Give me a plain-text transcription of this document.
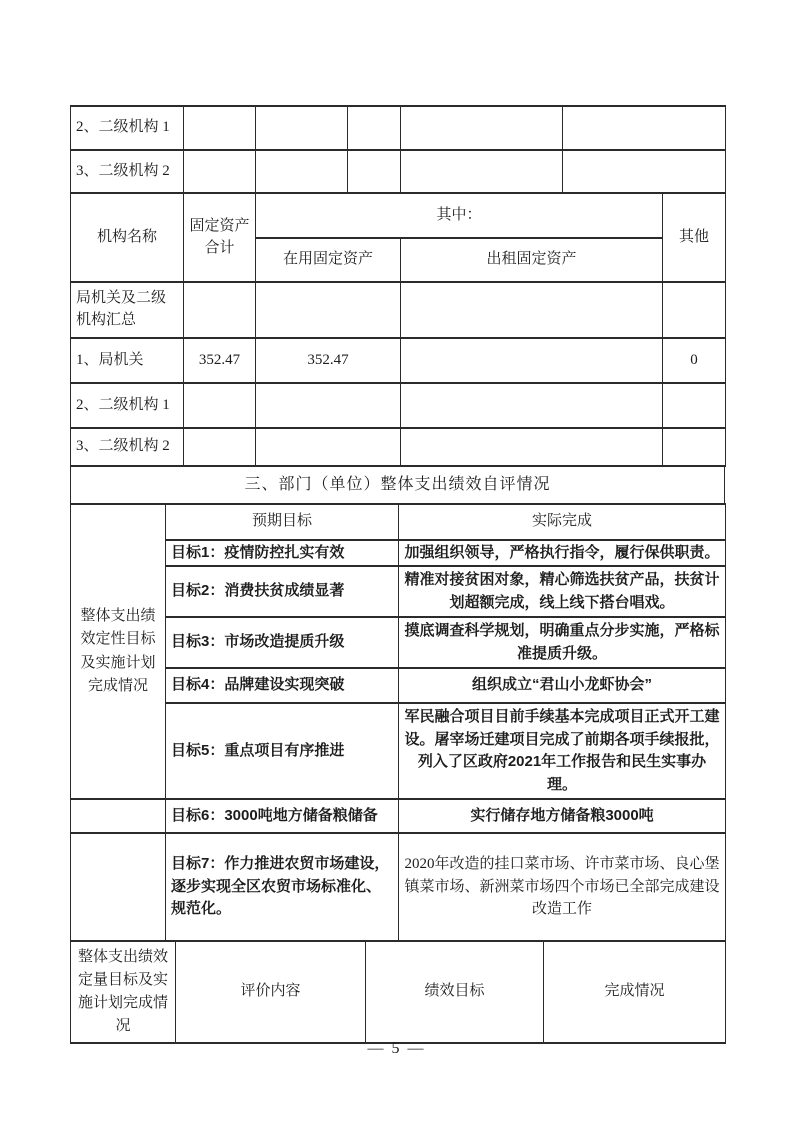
2、二级机构 1					
3、二级机构 2					
机构名称	固定资产合计	其中：		其他
		在用固定资产	出租固定资产	
局机关及二级机构汇总				
1、局机关	352.47	352.47		0
2、二级机构 1				
3、二级机构 2				
三、部门（单位）整体支出绩效自评情况
整体支出绩效定性目标及实施计划完成情况	预期目标	实际完成
	目标1：疫情防控扎实有效	加强组织领导，严格执行指令，履行保供职责。
	目标2：消费扶贫成绩显著	精准对接贫困对象，精心筛选扶贫产品，扶贫计划超额完成，线上线下搭台唱戏。
	目标3：市场改造提质升级	摸底调查科学规划，明确重点分步实施，严格标准提质升级。
	目标4：品牌建设实现突破	组织成立“君山小龙虾协会”
	目标5：重点项目有序推进	军民融合项目目前手续基本完成项目正式开工建设。屠宰场迁建项目完成了前期各项手续报批，列入了区政府2021年工作报告和民生实事办理。
	目标6：3000吨地方储备粮储备	实行储存地方储备粮3000吨
	目标7：作力推进农贸市场建设，逐步实现全区农贸市场标准化、规范化。	2020年改造的挂口菜市场、许市菜市场、良心堡镇菜市场、新洲菜市场四个市场已全部完成建设改造工作
整体支出绩效定量目标及实施计划完成情况	评价内容	绩效目标	完成情况
— 5 —
